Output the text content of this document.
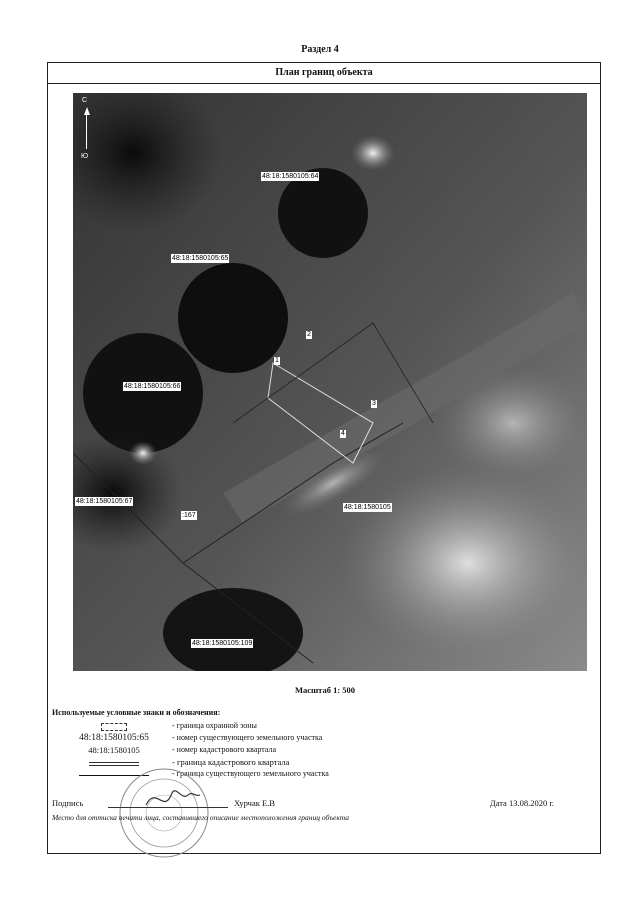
Раздел 4
План границ объекта
С
Ю
48:18:1580105:64
48:18:1580105:65
48:18:1580105:66
48:18:1580105:67
48:18:1580105
48:18:1580105:109
:167
1
2
3
4
Масштаб 1: 500
Используемые условные знаки и обозначения:
- граница охранной зоны
48:18:1580105:65	- номер существующего земельного участка
48:18:1580105	- номер кадастрового квартала
- граница кадастрового квартала
- граница существующего земельного участка
Подпись	Хурчак Е.В	Дата 13.08.2020 г.
Место для оттиска печати лица, составившего описание местоположения границ объекта
